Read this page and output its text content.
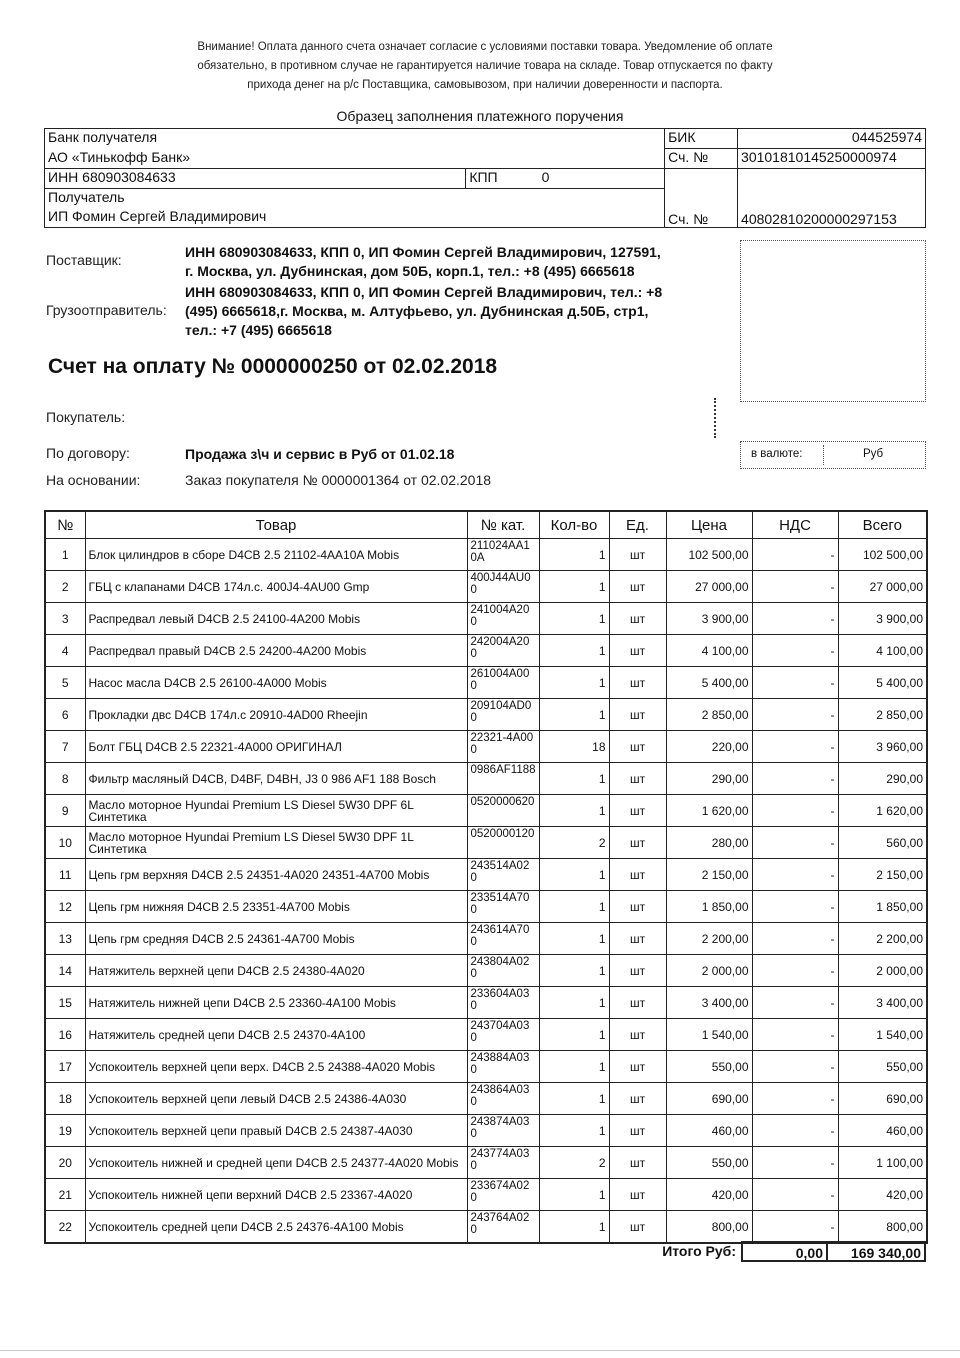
Внимание! Оплата данного счета означает согласие с условиями поставки товара. Уведомление об оплате
обязательно, в противном случае не гарантируется наличие товара на складе. Товар отпускается по факту
прихода денег на р/с Поставщика, самовывозом, при наличии доверенности и паспорта.
Образец заполнения платежного поручения
Банк получателя		БИК	044525974
АО «Тинькофф Банк»		Сч. №	30101810145250000974
ИНН 680903084633	КПП 0	Сч. №	40802810200000297153
Получатель			
ИП Фомин Сергей Владимирович			
Поставщик:	ИНН 680903084633, КПП 0, ИП Фомин Сергей Владимирович, 127591,
г. Москва, ул. Дубнинская, дом 50Б, корп.1, тел.: +8 (495) 6665618
Грузоотправитель:
ИНН 680903084633, КПП 0, ИП Фомин Сергей Владимирович, тел.: +8
(495) 6665618,г. Москва, м. Алтуфьево, ул. Дубнинская д.50Б, стр1,
тел.: +7 (495) 6665618
Счет на оплату № 0000000250 от 02.02.2018
Покупатель:
По договору:	Продажа з\ч и сервис в Руб от 01.02.18
На основании:	Заказ покупателя № 0000001364 от 02.02.2018
в валюте:	Руб
№	Товар	№ кат.	Кол-во	Ед.	Цена	НДС	Всего
1	Блок цилиндров в сборе D4CB 2.5 21102-4AA10A Mobis	211024AA10A	1	шт	102 500,00	-	102 500,00
2	ГБЦ с клапанами D4CB 174л.с. 400J4-4AU00 Gmp	400J44AU00	1	шт	27 000,00	-	27 000,00
3	Распредвал левый D4CB 2.5 24100-4A200 Mobis	241004A200	1	шт	3 900,00	-	3 900,00
4	Распредвал правый D4CB 2.5 24200-4A200 Mobis	242004A200	1	шт	4 100,00	-	4 100,00
5	Насос масла D4CB 2.5 26100-4A000 Mobis	261004A000	1	шт	5 400,00	-	5 400,00
6	Прокладки двс D4CB 174л.с 20910-4AD00 Rheejin	209104AD00	1	шт	2 850,00	-	2 850,00
7	Болт ГБЦ D4CB 2.5 22321-4A000 ОРИГИНАЛ	22321-4A000	18	шт	220,00	-	3 960,00
8	Фильтр масляный D4CB, D4BF, D4BH, J3 0 986 AF1 188 Bosch	0986AF1188	1	шт	290,00	-	290,00
9	Масло моторное Hyundai Premium LS Diesel 5W30 DPF 6L Синтетика	0520000620	1	шт	1 620,00	-	1 620,00
10	Масло моторное Hyundai Premium LS Diesel 5W30 DPF 1L Синтетика	0520000120	2	шт	280,00	-	560,00
11	Цепь грм верхняя D4CB 2.5 24351-4A020 24351-4A700 Mobis	243514A020	1	шт	2 150,00	-	2 150,00
12	Цепь грм нижняя D4CB 2.5 23351-4A700 Mobis	233514A700	1	шт	1 850,00	-	1 850,00
13	Цепь грм средняя D4CB 2.5 24361-4A700 Mobis	243614A700	1	шт	2 200,00	-	2 200,00
14	Натяжитель верхней цепи D4CB 2.5 24380-4A020	243804A020	1	шт	2 000,00	-	2 000,00
15	Натяжитель нижней цепи D4CB 2.5 23360-4A100 Mobis	233604A030	1	шт	3 400,00	-	3 400,00
16	Натяжитель средней цепи D4CB 2.5 24370-4A100	243704A030	1	шт	1 540,00	-	1 540,00
17	Успокоитель верхней цепи верх. D4CB 2.5 24388-4A020 Mobis	243884A030	1	шт	550,00	-	550,00
18	Успокоитель верхней цепи левый D4CB 2.5 24386-4A030	243864A030	1	шт	690,00	-	690,00
19	Успокоитель верхней цепи правый D4CB 2.5 24387-4A030	243874A030	1	шт	460,00	-	460,00
20	Успокоитель нижней и средней цепи D4CB 2.5 24377-4A020 Mobis	243774A030	2	шт	550,00	-	1 100,00
21	Успокоитель нижней цепи верхний D4CB 2.5 23367-4A020	233674A020	1	шт	420,00	-	420,00
22	Успокоитель средней цепи D4CB 2.5 24376-4A100 Mobis	243764A020	1	шт	800,00	-	800,00
Итого Руб:	0,00	169 340,00
